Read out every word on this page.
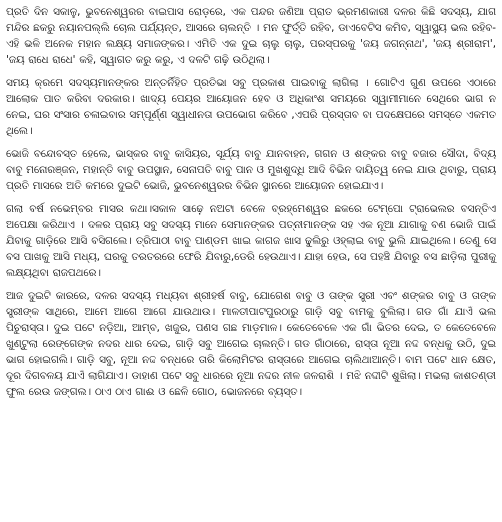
ପ୍ରତି ଦିନ ସକାଳୁ, ଭୁବନେଶ୍ୱରର ବାଇପାସ ରୋଡ଼ରେ, ଏକ ପନ୍ଦର ଜଣିଆ ପ୍ରାତ ଭ୍ରମଣକାରୀ ଦଳର କିଛି ସଦସ୍ୟ, ଯାଗ ମନ୍ଦିର ଛକରୁ ନୟାନପଲ୍ଲି ଚୋଲ ପର୍ଯ୍ୟନ୍ତ, ଆସରେ ଚାଲନ୍ତି । ମନ ଫୁର୍ତ୍ତି ରହିବ, ଡାଏବେଟିସ କମିବ, ସ୍ୱାସ୍ଥ୍ୟ ଭଲ ରହିବ- ଏହି ଭଳି ଅନେକ ମହାନ ଲକ୍ଷ୍ୟ ସମାଜଙ୍କର। ଏମିତି ଏକ ଦୁଇ ଚାଲୁ ଚାଲୁ, ପରସ୍ପରକୁ 'ଜୟ ଜଗନ୍ନାଥ', 'ଜୟ ଶ୍ରୀରାମ', 'ଜୟ ରାଧେ ରାଧେ' କହି, ସ୍ୱାଗତ କରୁ କରୁ, ଏ ଦଳଟି ଗଢ଼ି ଉଠିଥିଲା।

ସମୟ କ୍ରମେ ସଦସ୍ୟମାନଙ୍କର ଅନ୍ତର୍ନିହିତ ପ୍ରତିଭା ସବୁ ପ୍ରକାଶ ପାଇବାକୁ ଲାଗିଲା । ଗୋଟିଏ ଗୁଣ ଉପରେ ଏଠାରେ ଆଲୋକ ପାତ କରିବା ଦରକାର। ଖାଦ୍ୟ ପେୟର ଆୟୋଜନ ହେବ ଓ ଅଧିକାଂଶ ସମୟରେ ସ୍ୱାମୀମାନେ ସେଥିରେ ଭାଗ ନ ନେଇ, ଘର ସଂସାର ଚଳାଇବାର ସମ୍ପୂର୍ଣ୍ଣ ସ୍ୱାଧୀନତା ଉପଭୋଗ କରିବେ ,ଏପରି ପ୍ରସ୍ତାବ ବା ପଦକ୍ଷେପରେ ସମସ୍ତେ ଏକମତ ଥିଲେ।

ଭୋଜି ବନ୍ଦୋବସ୍ତ ହେଲେ, ଭାସ୍କର ବାବୁ କାସିୟର, ସୂର୍ଯ୍ୟ ବାବୁ ଯାନବାହନ, ଗଗନ ଓ ଶଙ୍କର ବାବୁ ବଜାର ସୌଦା, ବିଦ୍ୟ ବାବୁ ମନୋରଞ୍ଜନ, ମହାନ୍ତି ବାବୁ ଉପସ୍ଥାନ, ସେନାପତି ବାବୁ ପାନ ଓ ମୁଖଶୁଦ୍ଧି ଆଦି ବିଭିନ ଦାୟିତ୍ୱ ନେଇ ଯାଉ ଥିବାରୁ, ପ୍ରାୟ ପ୍ରତି ମାସରେ ଅତି କମରେ ଦୁଇଟି ଭୋଜି, ଭୁବନେଶ୍ୱରର ବିଭିନ ସ୍ଥାନରେ ଆୟୋଜନ ହୋଇଯାଏ।

ଗଲା ବର୍ଷ ନଭେମ୍ବର ମାସର କଥା।ସକାଳ ସାଢ଼େ ନଅଟା ବେଳେ ବ୍ରହ୍ମେଶ୍ୱର ଛକରେ ଟେମ୍ପୋ ଟ୍ରାଭେଲର ବସନ୍ତିଏ ଅପେକ୍ଷା କରିଥାଏ । ଦଳର ପ୍ରାୟ ସବୁ ସଦସ୍ୟ ମାନେ ସେମାନଙ୍କର ପତ୍ନୀମାନଙ୍କ ସହ ଏକ ନୂଆ ଯାଗାକୁ ବଣ ଭୋଜି ପାଇଁ ଯିବାକୁ ଗାଡ଼ିରେ ଆସି ବସିଗଲେ। ତ୍ରିପାଠୀ ବାବୁ ପାଣ୍ଡମ ଖାଇ କାଗଜ ଖାସ ଢୁଲିରୁ ଓହ୍ଲାଇ ବାବୁ ଭୁଲି ଯାଇଥିଲେ। ତେଣୁ ସେ ବସ ପାଖକୁ ଆସି ମଧ୍ୟ, ଘରକୁ ତରତରରେ ଫେରି ଯିବାରୁ,ଡେରି ହେଉଥାଏ। ଯାହା ହେଉ, ସେ ପହଞ୍ଚି ଯିବାରୁ ବସ ଛାଡ଼ିଲା ପୁରୀକୁ ଲକ୍ଷ୍ୟଥିବା ରାଜପଥରେ।

ଆଜ ଦୁଇଟି କାରରେ, ଦଳର ସଦସ୍ୟ ମଧ୍ୟବା ଶ୍ରୀହର୍ଷ ବାବୁ, ଯୋଗେଶ ବାବୁ ଓ ତାଙ୍କ ସ୍ତ୍ରୀ ଏବଂ ଶଙ୍କର ବାବୁ ଓ ତାଙ୍କ ସ୍ତ୍ରୀଙ୍କ ସାଥିରେ, ଆମେ ଆଗେ ଆଗେ ଯାଉଥାଉ। ମାଳତୀପାଟପୁରଠାରୁ ଗାଡ଼ି ସବୁ ବାମକୁ ବୁଲିଲା। ଗଡ ଗାଁ ଯାଏଁ ଭଲ ପିଚୁରାସ୍ତା। ଦୁଇ ପଟେ ନଡ଼ିଆ, ଆମ୍ବ, ଖଜୁର, ପଣସ ଗଛ ମାଡ଼ମାଳ। କେତେବେଳେ ଏକ ଗାଁ ଭିତର ଦେଇ, ତ କେତେବେଳେ ଖୁଣ୍ଟୁଲା ରେଙ୍ଗେଙ୍କ ନଦର ଧାର ଦେଇ, ଗାଡ଼ି ସବୁ ଆଗେଇ ଚାଲନ୍ତି। ଗଡ ଗାଁଠାରେ, ରାସ୍ତା ନୂଆ ନଦ୍ଦ ବନ୍ଧକୁ ଉଠି, ଦୁଇ ଭାଗ ହୋଇଗଲି। ଗାଡ଼ି ସବୁ, ନୂଆ ନଦ୍ଦ ବନ୍ଧରେ ତାରି କିଲୋମିଟର ରାସ୍ତାରେ ଆଗେଇ ଚାଲିଥାଆନ୍ତି। ବାମ ପଟେ ଧାନ କ୍ଷେତ, ଦୂର ଦିଗବଳୟ ଯାଏଁ ଲାଗିଯାଏ। ଡାହାଣ ପଟେ ସବୁ ଧାରରେ ନୂଆ ନଦ୍ଦର ନୀଳ ଜଳରାଶି । ମଝି ନଦ୍ଦୀଟି ଶୁଖିଲା। ମଭଲା କାଶତଣ୍ଡୀ ଫୁଲ ରେଉ ଜଙ୍ଗଲ। ଠାଏ ଠାଏ ଗାଈ ଓ ଛେଳି ଗୋଠ, ଭୋଜନରେ ବ୍ୟସ୍ତ।
